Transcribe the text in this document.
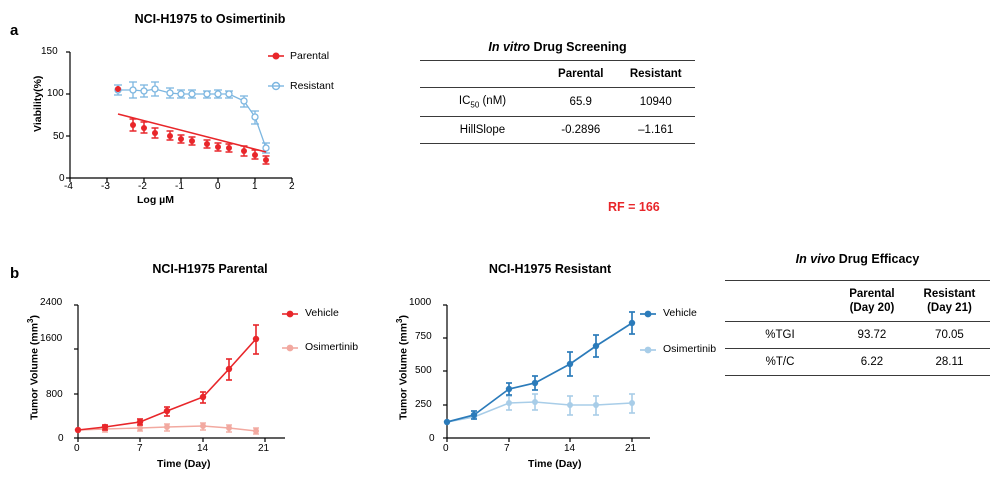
a
NCI-H1975 to Osimertinib
Viability(%)
Log µM
150
100
50
0
-4	-3	-2	-1	0	1	2
Parental
Resistant
In vitro Drug Screening
	Parental	Resistant
$IC_{50}$ (nM)	65.9	10940
HillSlope	-0.2896	–1.161
RF = 166
b	NCI-H1975 Parental
Tumor Volume $(mm^3)$
Time (Day)
2400
1600
800
0
0	7	14	21
Vehicle
Osimertinib
NCI-H1975 Resistant
Tumor Volume $(mm^3)$
Time (Day)
1000
750
500
250
0
0	7	14	21
Vehicle
Osimertinib
In vivo Drug Efficacy
	Parental	Resistant
	(Day 20)	(Day 21)
%TGI	93.72	70.05
%T/C	6.22	28.11
